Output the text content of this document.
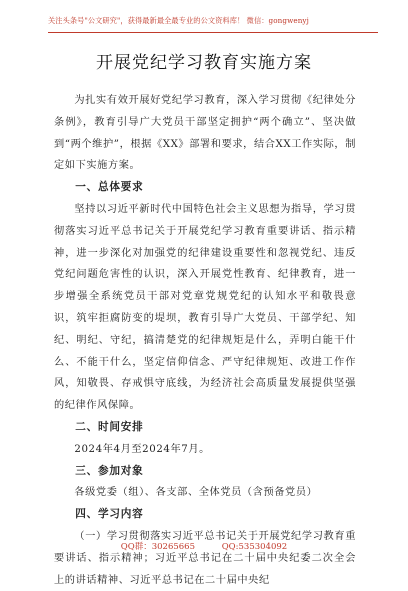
关注头条号"公文研究"，获得最新最全最专业的公文资料库！ 微信：gongwenyj
开展党纪学习教育实施方案

为扎实有效开展好党纪学习教育，深入学习贯彻《纪律处分条例》，教育引导广大党员干部坚定拥护“两个确立”、坚决做到“两个维护”，根据《XX》部署和要求，结合XX工作实际，制定如下实施方案。

一、总体要求

坚持以习近平新时代中国特色社会主义思想为指导，学习贯彻落实习近平总书记关于开展党纪学习教育重要讲话、指示精神，进一步深化对加强党的纪律建设重要性和忽视党纪、违反党纪问题危害性的认识，深入开展党性教育、纪律教育，进一步增强全系统党员干部对党章党规党纪的认知水平和敬畏意识，筑牢拒腐防变的堤坝，教育引导广大党员、干部学纪、知纪、明纪、守纪，搞清楚党的纪律规矩是什么，弄明白能干什么、不能干什么，坚定信仰信念、严守纪律规矩、改进工作作风，知敬畏、存戒惧守底线，为经济社会高质量发展提供坚强的纪律作风保障。

二、时间安排

2024年4月至2024年7月。

三、参加对象

各级党委（组）、各支部、全体党员（含预备党员）

四、学习内容

（一）学习贯彻落实习近平总书记关于开展党纪学习教育重要讲话、指示精神；习近平总书记在二十届中央纪委二次全会上的讲话精神、习近平总书记在二十届中央纪

QQ群：30265665	QQ:535304092
